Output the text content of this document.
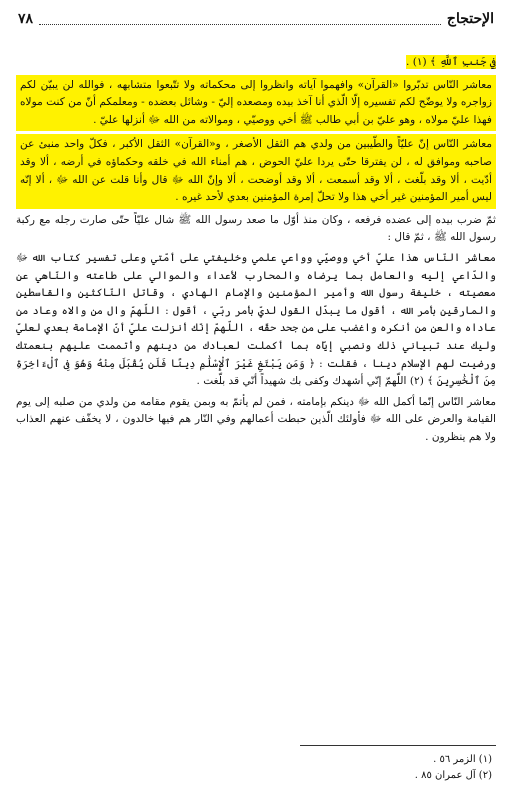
٧٨	الإحتجاج

فِي جَنبِ ٱللَّهِ ﴾ (١) .

معاشر النّاس تدبّروا «القرآن» وافهموا آياته وانظروا إلى محكماته ولا تتّبعوا متشابهه ، فوالله لن يبيّن لكم زواجره ولا يوضّح لكم تفسيره إلّا الّذي أنا آخذ بيده ومصعده إليّ - وشائل بعضده - ومعلمكم أنّ من كنت مولاه فهذا عليّ مولاه ، وهو عليّ بن أبي طالب ﷺ أخي ووصيّي ، وموالاته من الله ﷻ أنزلها عليّ .

معاشر النّاس إنّ عليّاً والطّيبين من ولدي هم الثقل الأصغر ، و«القرآن» الثقل الأكبر ، فكلّ واحد منبئ عن صاحبه وموافق له ، لن يفترقا حتّى يردا عليّ الحوض ، هم أمناء الله في خلقه وحكماؤه في أرضه ، ألا وقد أدّيت ، ألا وقد بلّغت ، ألا وقد أسمعت ، ألا وقد أوضحت ، ألا وإنّ الله ﷻ قال وأنا قلت عن الله ﷻ ، ألا إنّه ليس أمير المؤمنين غير أخي هذا ولا تحلّ إمرة المؤمنين بعدي لأحد غيره .

ثمّ ضرب بيده إلى عضده فرفعه ، وكان منذ أوّل ما صعد رسول الله ﷺ شال عليّاً حتّى صارت رجله مع ركبة رسول الله ﷺ ، ثمّ قال :

معاشر النّاس هذا عليّ أخي ووصيّي وواعي علمي وخليفتي على أمّتي وعلى تفسير كتاب الله ﷻ والدّاعي إليه والعامل بما يرضاه والمحارب لأعداء والموالي على طاعته والنّاهي عن معصيته ، خليفة رسول الله وأمير المؤمنين والإمام الهادي ، وقاتل النّاكثين والقاسطين والمارقين بأمر الله ، أقول ما يبدّل القول لديّ بأمر ربّي ، أقول : اللّهمّ وال من والاه وعاد من عاداه والعن من أنكره واغضب على من جحد حقّه ، اللّهمّ إنّك أنزلت عليّ أنّ الإمامة بعدي لعليّ وليك عند تبياني ذلك ونصبي إيّاه بما أكملت لعبادك من دينهم وأتممت عليهم بنعمتك ورضيت لهم الإسلام دينا ، فقلت : ﴿ وَمَن يَبْتَغِ غَيْرَ ٱلْإِسْلَٰمِ دِينًا فَلَن يُقْبَلَ مِنْهُ وَهُوَ فِى ٱلْءَاخِرَةِ مِنَ ٱلْخَٰسِرِينَ ﴾ (٢) اللّهمّ إنّي أشهدك وكفى بك شهيداً أنّي قد بلّغت .

معاشر النّاس إنّما أكمل الله ﷻ دينكم بإمامته ، فمن لم يأتمّ به وبمن يقوم مقامه من ولدي من صلبه إلى يوم القيامة والعرض على الله ﷻ فأولئك الّذين حبطت أعمالهم وفي النّار هم فيها خالدون ، لا يخفّف عنهم العذاب ولا هم ينظرون .

(١) الزمر ٥٦ .
(٢) آل عمران ٨٥ .
